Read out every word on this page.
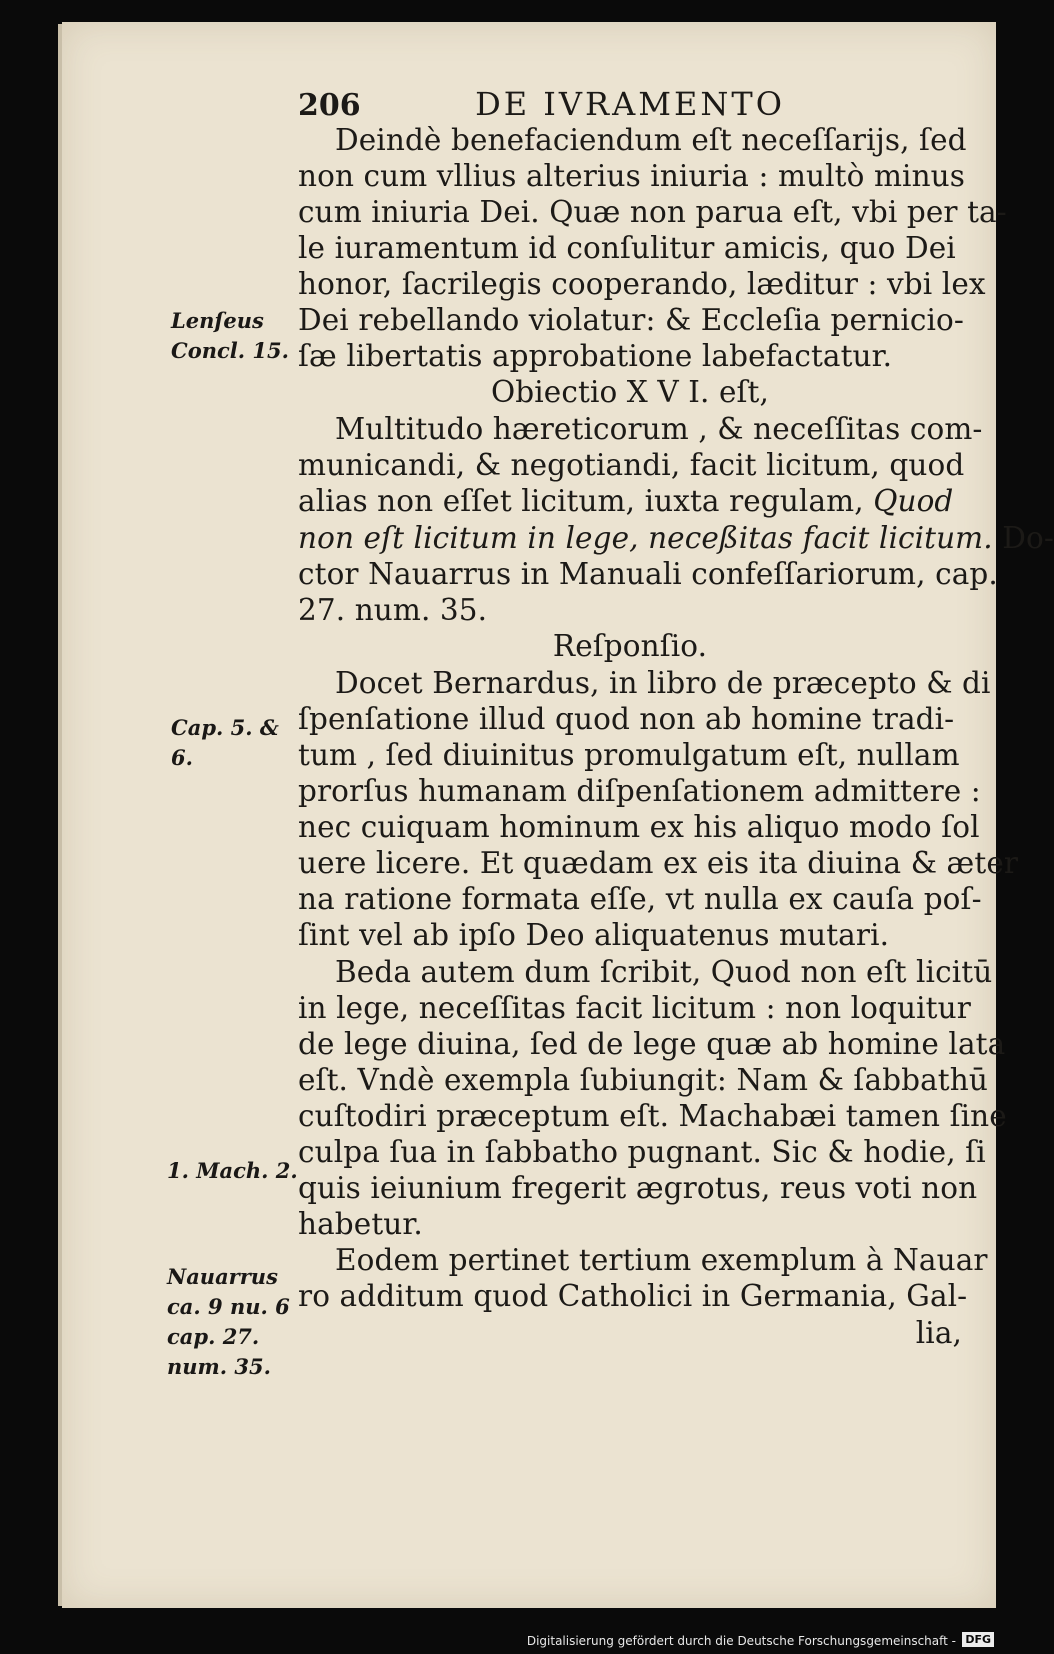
206	DE IVRAMENTO

Deindè benefaciendum eſt neceſſarijs, ſed

non cum vllius alterius iniuria : multò minus

cum iniuria Dei. Quæ non parua eſt, vbi per ta-

le iuramentum id conſulitur amicis, quo Dei

honor, ſacrilegis cooperando, læditur : vbi lex

Dei rebellando violatur: & Eccleſia pernicio-

ſæ libertatis approbatione labefactatur.

Obiectio X V I. eſt,

Multitudo hæreticorum , & neceſſitas com-

municandi, & negotiandi, facit licitum, quod

alias non eſſet licitum, iuxta regulam, Quod

non eſt licitum in lege, neceßitas facit licitum. Do-

ctor Nauarrus in Manuali confeſſariorum, cap.

27. num. 35.

Reſponſio.

Docet Bernardus, in libro de præcepto & di

ſpenſatione illud quod non ab homine tradi-

tum , ſed diuinitus promulgatum eſt, nullam

prorſus humanam diſpenſationem admittere :

nec cuiquam hominum ex his aliquo modo ſol

uere licere. Et quædam ex eis ita diuina & æter

na ratione formata eſſe, vt nulla ex cauſa poſ-

ſint vel ab ipſo Deo aliquatenus mutari.

Beda autem dum ſcribit, Quod non eſt licitū

in lege, neceſſitas facit licitum : non loquitur

de lege diuina, ſed de lege quæ ab homine lata

eſt. Vndè exempla ſubiungit: Nam & ſabbathū

cuſtodiri præceptum eſt. Machabæi tamen ſine

culpa ſua in ſabbatho pugnant. Sic & hodie, ſi

quis ieiunium fregerit ægrotus, reus voti non

habetur.

Eodem pertinet tertium exemplum à Nauar

ro additum quod Catholici in Germania, Gal-

lia,

Lenſeus

Concl. 15.

Cap. 5. &

6.

1. Mach. 2.

Nauarrus

ca. 9 nu. 6

cap. 27.

num. 35.

Digitalisierung gefördert durch die Deutsche Forschungsgemeinschaft - DFG
